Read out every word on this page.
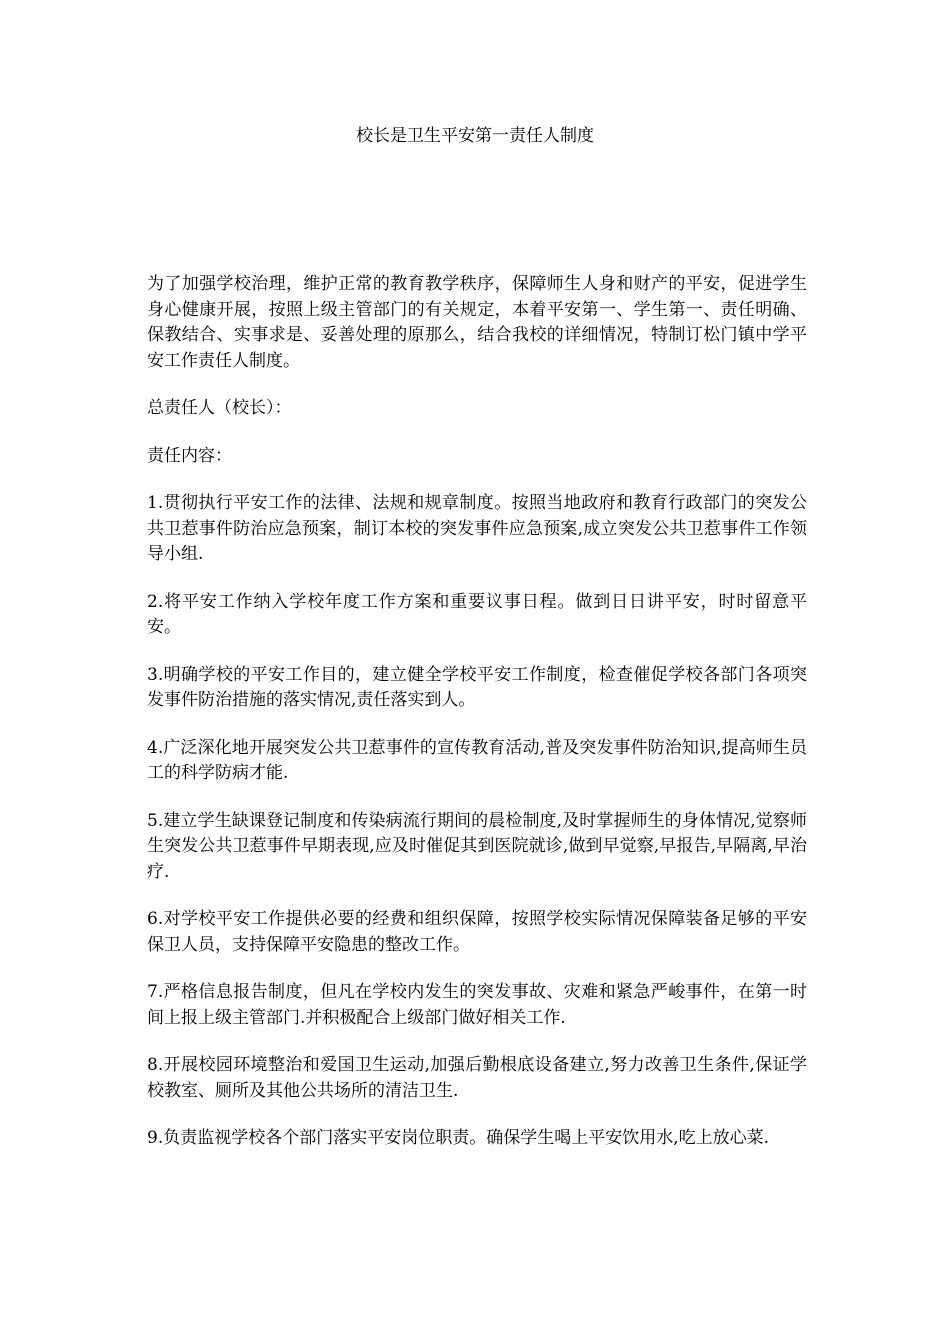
校长是卫生平安第一责任人制度

为了加强学校治理，维护正常的教育教学秩序，保障师生人身和财产的平安，促进学生身心健康开展，按照上级主管部门的有关规定，本着平安第一、学生第一、责任明确、保教结合、实事求是、妥善处理的原那么，结合我校的详细情况，特制订松门镇中学平安工作责任人制度。

总责任人（校长）：

责任内容：

1.贯彻执行平安工作的法律、法规和规章制度。按照当地政府和教育行政部门的突发公共卫惹事件防治应急预案，制订本校的突发事件应急预案,成立突发公共卫惹事件工作领导小组.

2.将平安工作纳入学校年度工作方案和重要议事日程。做到日日讲平安，时时留意平安。

3.明确学校的平安工作目的，建立健全学校平安工作制度，检查催促学校各部门各项突发事件防治措施的落实情况,责任落实到人。

4.广泛深化地开展突发公共卫惹事件的宣传教育活动,普及突发事件防治知识,提高师生员工的科学防病才能.

5.建立学生缺课登记制度和传染病流行期间的晨检制度,及时掌握师生的身体情况,觉察师生突发公共卫惹事件早期表现,应及时催促其到医院就诊,做到早觉察,早报告,早隔离,早治疗.

6.对学校平安工作提供必要的经费和组织保障，按照学校实际情况保障装备足够的平安保卫人员，支持保障平安隐患的整改工作。

7.严格信息报告制度，但凡在学校内发生的突发事故、灾难和紧急严峻事件，在第一时间上报上级主管部门.并积极配合上级部门做好相关工作.

8.开展校园环境整治和爱国卫生运动,加强后勤根底设备建立,努力改善卫生条件,保证学校教室、厕所及其他公共场所的清洁卫生.

9.负责监视学校各个部门落实平安岗位职责。确保学生喝上平安饮用水,吃上放心菜.
